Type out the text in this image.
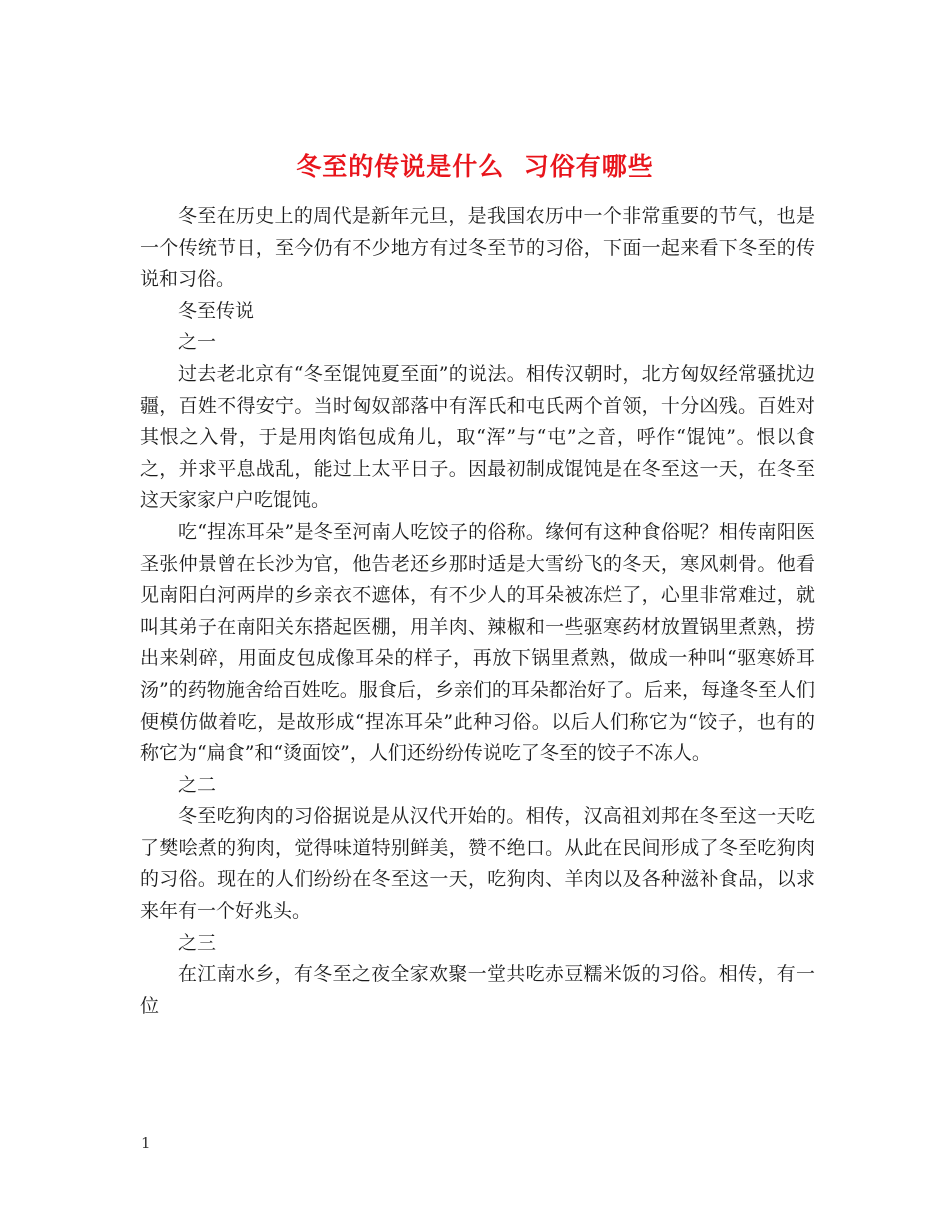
冬至的传说是什么  习俗有哪些

冬至在历史上的周代是新年元旦，是我国农历中一个非常重要的节气，也是一个传统节日，至今仍有不少地方有过冬至节的习俗，下面一起来看下冬至的传说和习俗。

冬至传说

之一

过去老北京有“冬至馄饨夏至面”的说法。相传汉朝时，北方匈奴经常骚扰边疆，百姓不得安宁。当时匈奴部落中有浑氏和屯氏两个首领，十分凶残。百姓对其恨之入骨，于是用肉馅包成角儿，取“浑”与“屯”之音，呼作“馄饨”。恨以食之，并求平息战乱，能过上太平日子。因最初制成馄饨是在冬至这一天，在冬至这天家家户户吃馄饨。

吃“捏冻耳朵”是冬至河南人吃饺子的俗称。缘何有这种食俗呢？相传南阳医圣张仲景曾在长沙为官，他告老还乡那时适是大雪纷飞的冬天，寒风刺骨。他看见南阳白河两岸的乡亲衣不遮体，有不少人的耳朵被冻烂了，心里非常难过，就叫其弟子在南阳关东搭起医棚，用羊肉、辣椒和一些驱寒药材放置锅里煮熟，捞出来剁碎，用面皮包成像耳朵的样子，再放下锅里煮熟，做成一种叫“驱寒娇耳汤”的药物施舍给百姓吃。服食后，乡亲们的耳朵都治好了。后来，每逢冬至人们便模仿做着吃，是故形成“捏冻耳朵”此种习俗。以后人们称它为“饺子，也有的称它为“扁食”和“烫面饺”，人们还纷纷传说吃了冬至的饺子不冻人。

之二

冬至吃狗肉的习俗据说是从汉代开始的。相传，汉高祖刘邦在冬至这一天吃了樊哙煮的狗肉，觉得味道特别鲜美，赞不绝口。从此在民间形成了冬至吃狗肉的习俗。现在的人们纷纷在冬至这一天，吃狗肉、羊肉以及各种滋补食品，以求来年有一个好兆头。

之三

在江南水乡，有冬至之夜全家欢聚一堂共吃赤豆糯米饭的习俗。相传，有一位

1
